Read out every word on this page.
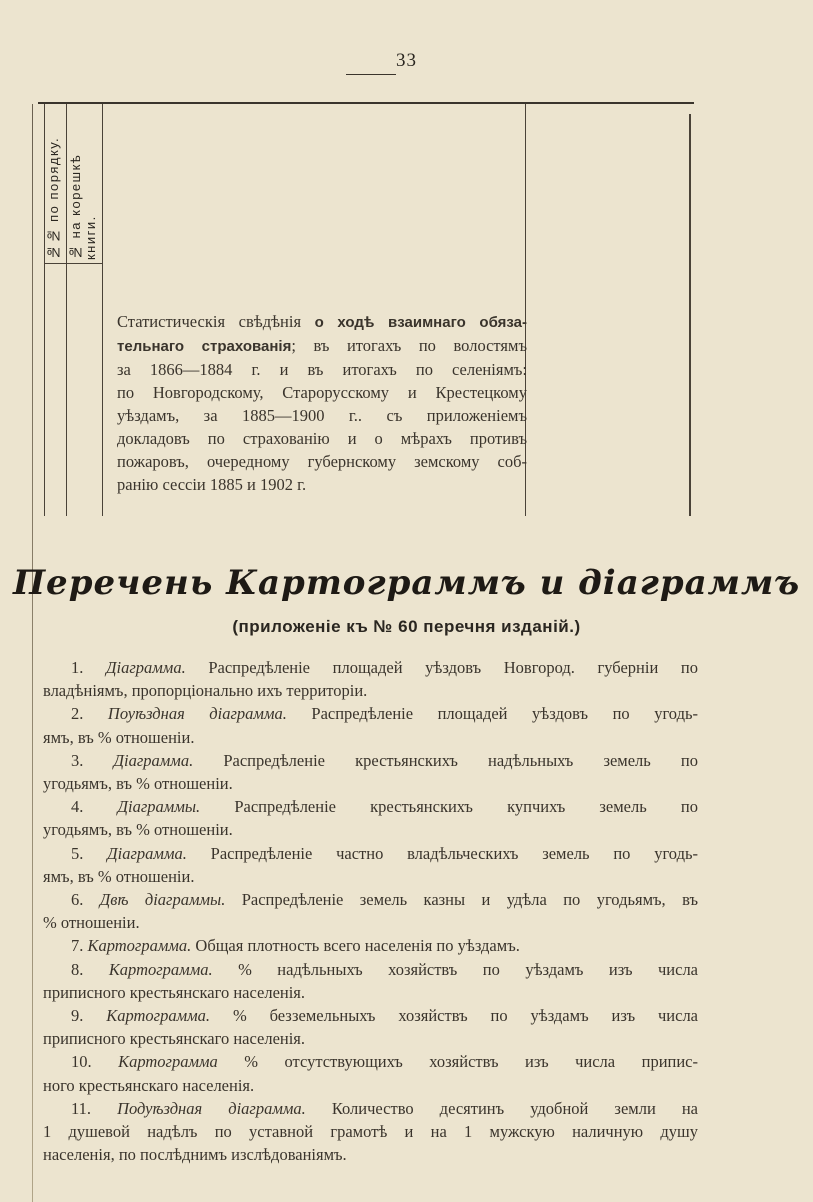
33
№№ по порядку. № на корешкѣ книги.
Статистическія свѣдѣнія о ходѣ взаимнаго обяза-
тельнаго страхованія; въ итогахъ по волостямъ
за 1866—1884 г. и въ итогахъ по селеніямъ:
по Новгородскому, Старорусскому и Крестецкому
уѣздамъ, за 1885—1900 г.. съ приложеніемъ
докладовъ по страхованію и о мѣрахъ противъ
пожаровъ, очередному губернскому земскому соб-
ранію сессіи 1885 и 1902 г.
Перечень Картограммъ и діаграммъ
(приложеніе къ № 60 перечня изданій.)
1. Діаграмма. Распредѣленіе площадей уѣздовъ Новгород. губерніи по
владѣніямъ, пропорціонально ихъ территоріи.
2. Поуѣздная діаграмма. Распредѣленіе площадей уѣздовъ по угодь-
ямъ, въ % отношеніи.
3. Діаграмма. Распредѣленіе крестьянскихъ надѣльныхъ земель по
угодьямъ, въ % отношеніи.
4. Діаграммы. Распредѣленіе крестьянскихъ купчихъ земель по
угодьямъ, въ % отношеніи.
5. Діаграмма. Распредѣленіе частно владѣльческихъ земель по угодь-
ямъ, въ % отношеніи.
6. Двѣ діаграммы. Распредѣленіе земель казны и удѣла по угодьямъ, въ
% отношеніи.
7. Картограмма. Общая плотность всего населенія по уѣздамъ.
8. Картограмма. % надѣльныхъ хозяйствъ по уѣздамъ изъ числа
приписного крестьянскаго населенія.
9. Картограмма. % безземельныхъ хозяйствъ по уѣздамъ изъ числа
приписного крестьянскаго населенія.
10. Картограмма % отсутствующихъ хозяйствъ изъ числа припис-
ного крестьянскаго населенія.
11. Подуѣздная діаграмма. Количество десятинъ удобной земли на
1 душевой надѣлъ по уставной грамотѣ и на 1 мужскую наличную душу
населенія, по послѣднимъ изслѣдованіямъ.
